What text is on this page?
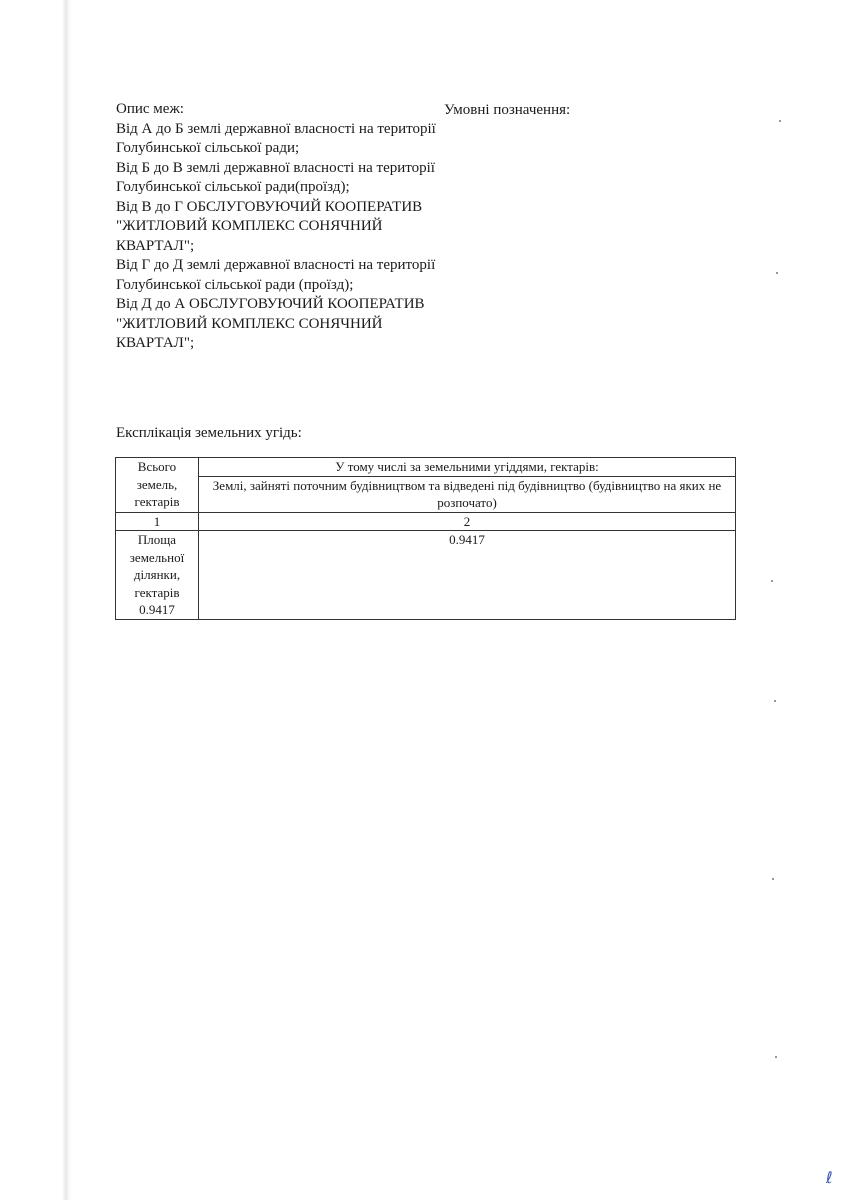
Опис меж:
Від А до Б землі державної власності на території Голубинської сільської ради;
Від Б до В землі державної власності на території Голубинської сільської ради(проїзд);
Від В до Г ОБСЛУГОВУЮЧИЙ КООПЕРАТИВ "ЖИТЛОВИЙ КОМПЛЕКС СОНЯЧНИЙ КВАРТАЛ";
Від Г до Д землі державної власності на території Голубинської сільської ради (проїзд);
Від Д до А ОБСЛУГОВУЮЧИЙ КООПЕРАТИВ "ЖИТЛОВИЙ КОМПЛЕКС СОНЯЧНИЙ КВАРТАЛ";
Умовні позначення:
Експлікація земельних угідь:
Всього земель, гектарів	У тому числі за земельними угіддями, гектарів:
	Землі, зайняті поточним будівництвом та відведені під будівництво (будівництво на яких не розпочато)
1	2
Площа земельної ділянки, гектарів 0.9417	0.9417
ℓ
